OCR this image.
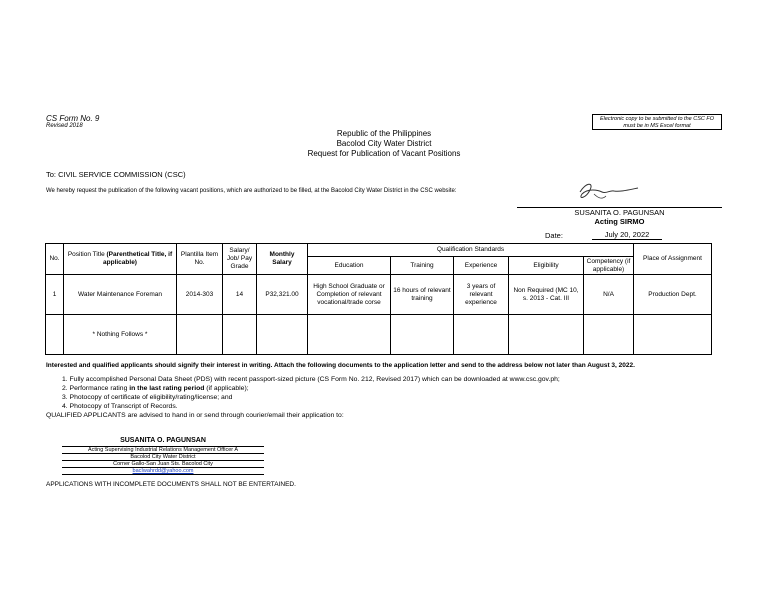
CS Form No. 9
Revised 2018
Electronic copy to be submitted to the CSC FO
must be in MS Excel format
Republic of the Philippines
Bacolod City Water District
Request for Publication of Vacant Positions
To: CIVIL SERVICE COMMISSION (CSC)
We hereby request the publication of the following vacant positions, which are authorized to be filled, at the Bacolod City Water District in the CSC website:
SUSANITA O. PAGUNSAN
Acting SIRMO
Date:	July 20, 2022
No.	Position Title (Parenthetical Title, if applicable)	Plantilla Item No.	Salary/ Job/ Pay Grade	Monthly Salary	Qualification Standards					Place of Assignment
					Education	Training	Experience	Eligibility	Competency (if applicable)	
1	Water Maintenance Foreman	2014-303	14	P32,321.00	High School Graduate or Completion of relevant vocational/trade corse	16 hours of relevant training	3 years of relevant experience	Non Required (MC 10, s. 2013 - Cat. III	N/A	Production Dept.
	* Nothing Follows *									
Interested and qualified applicants should signify their interest in writing. Attach the following documents to the application letter and send to the address below not later than August 3, 2022.
1. Fully accomplished Personal Data Sheet (PDS) with recent passport-sized picture (CS Form No. 212, Revised 2017) which can be downloaded at www.csc.gov.ph;
2. Performance rating in the last rating period (if applicable);
3. Photocopy of certificate of eligibility/rating/license; and
4. Photocopy of Transcript of Records.
QUALIFIED APPLICANTS are advised to hand in or send through courier/email their application to:
SUSANITA O. PAGUNSAN
Acting Supervising Industrial Relations Management Officer A
Bacolod City Water District
Corner Gallo-San Juan Sts. Bacolod City
bacIwahrdd@yahoo.com
APPLICATIONS WITH INCOMPLETE DOCUMENTS SHALL NOT BE ENTERTAINED.
